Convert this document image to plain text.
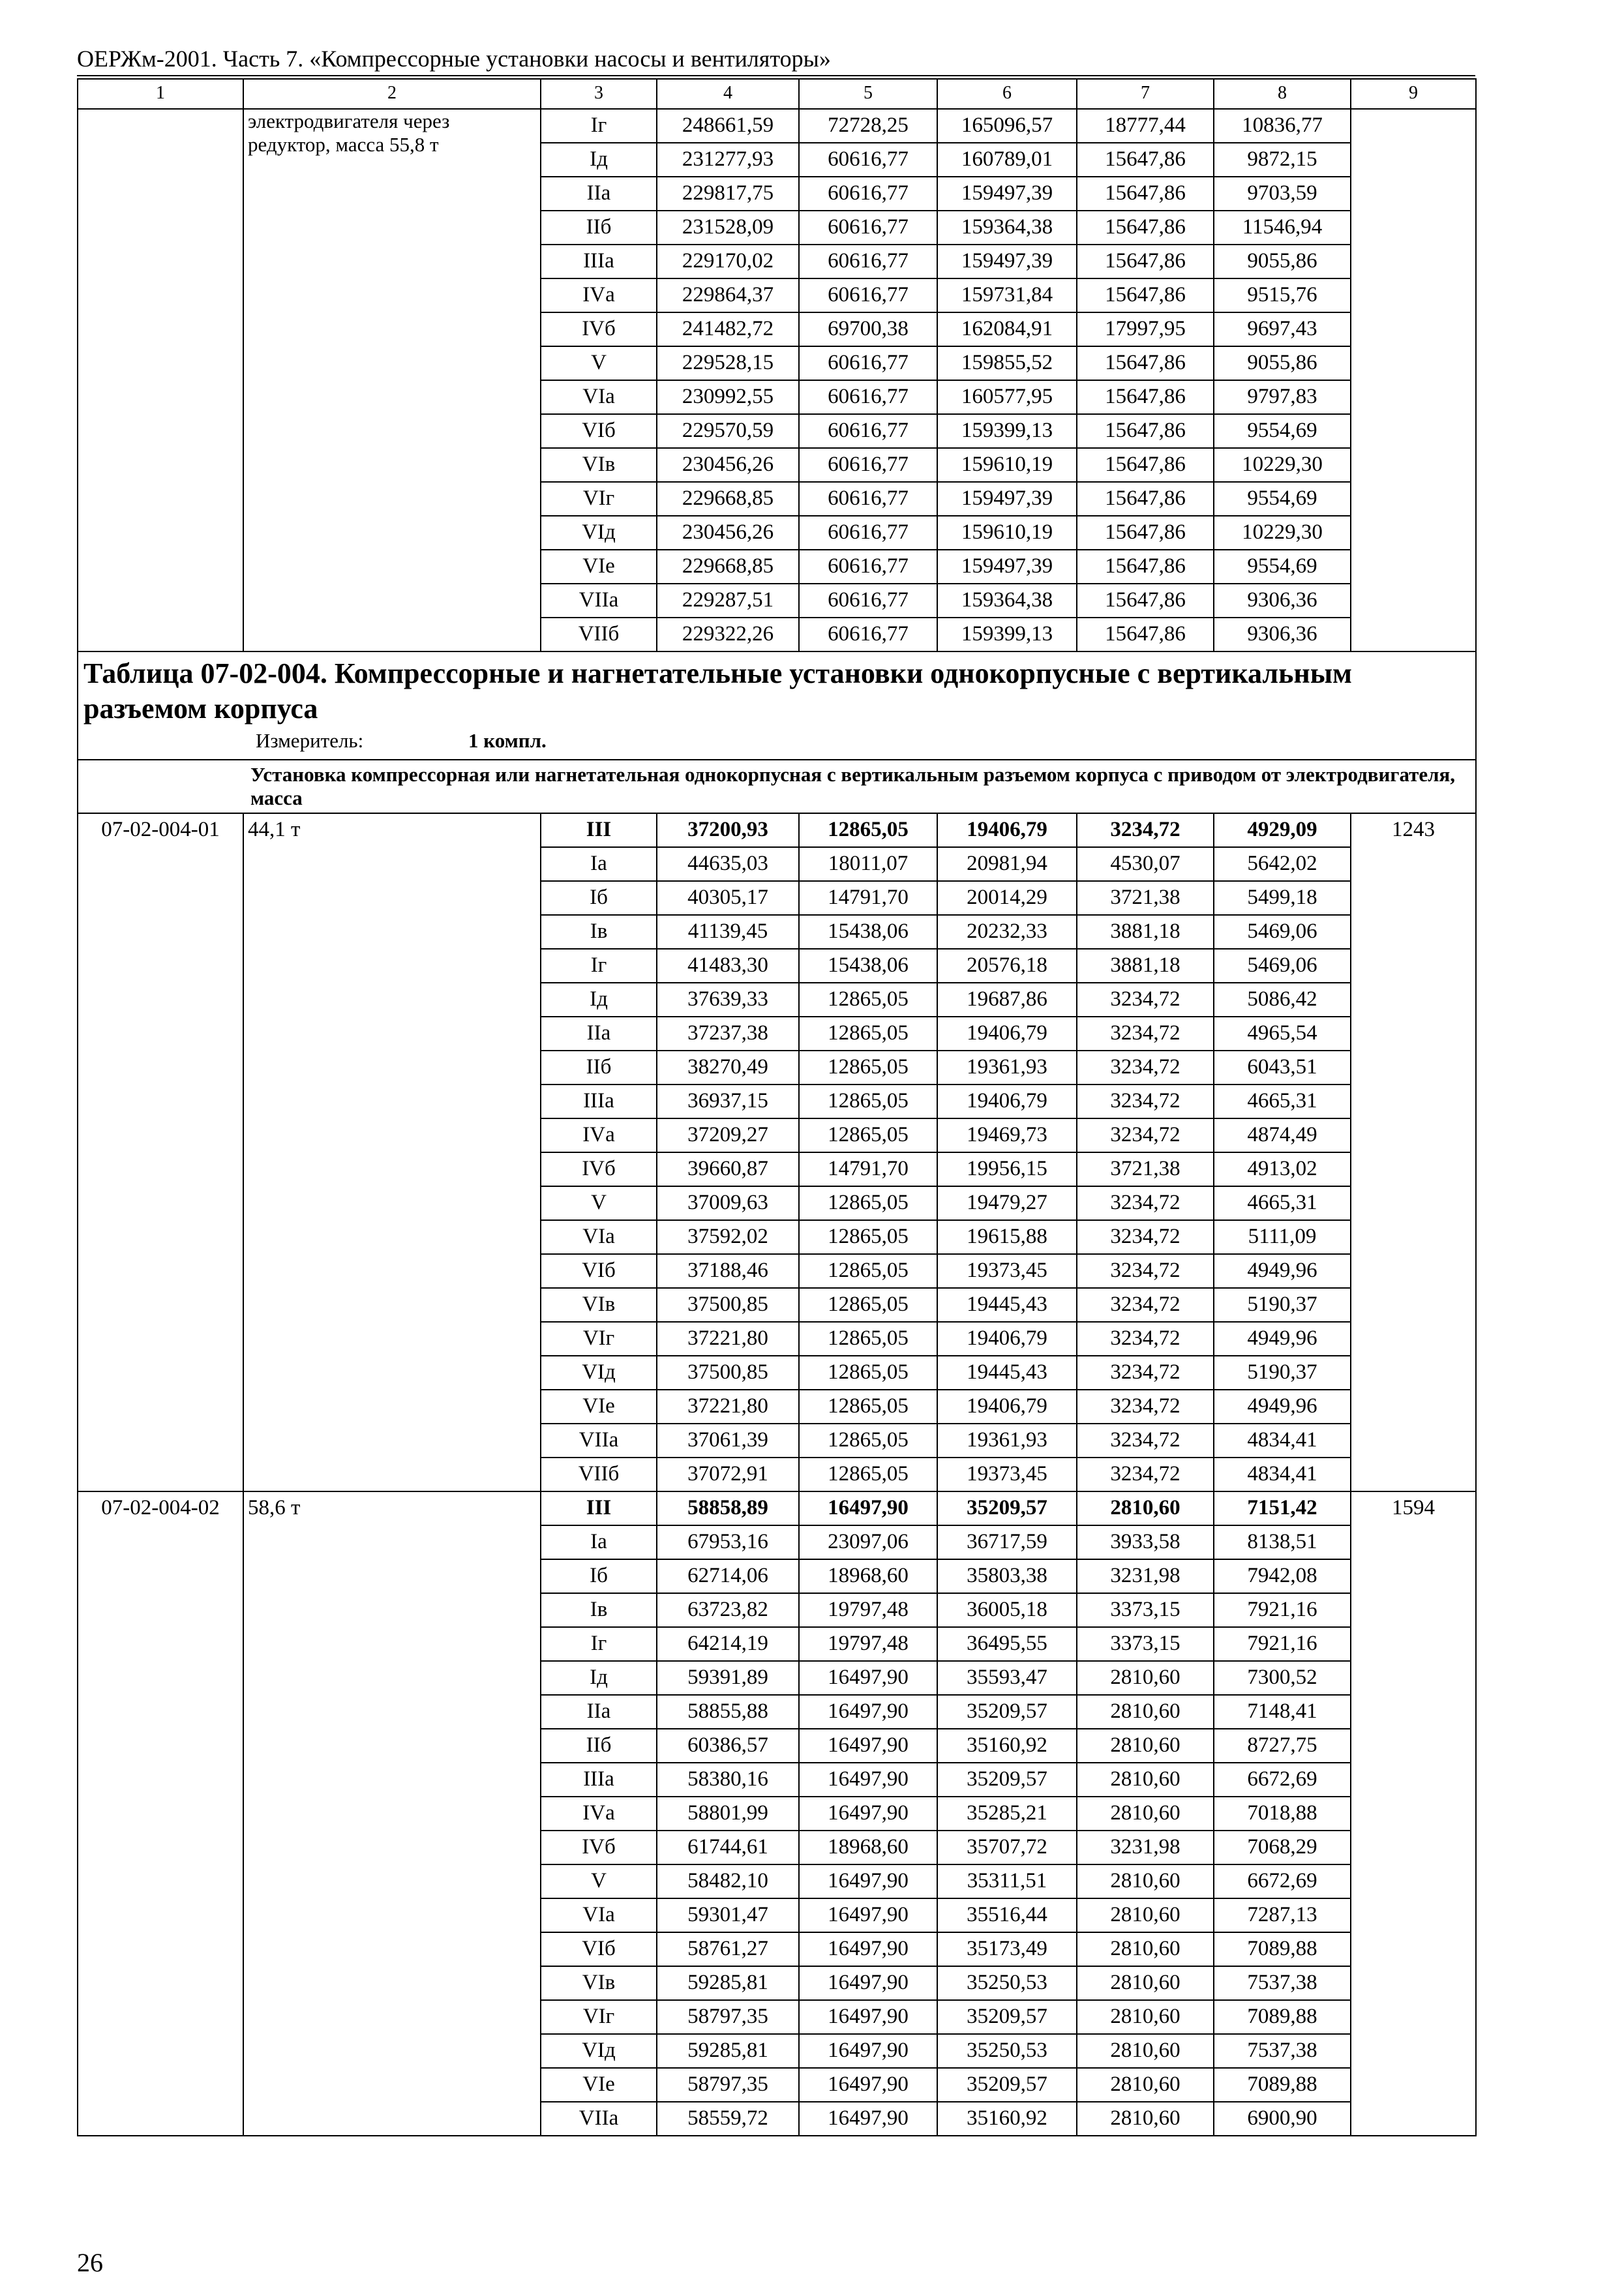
ОЕРЖм-2001. Часть 7. «Компрессорные установки насосы и вентиляторы»
1	2	3	4	5	6	7	8	9
	электродвигателя через редуктор, масса 55,8 т	Iг	248661,59	72728,25	165096,57	18777,44	10836,77	
		Iд	231277,93	60616,77	160789,01	15647,86	9872,15	
		IIа	229817,75	60616,77	159497,39	15647,86	9703,59	
		IIб	231528,09	60616,77	159364,38	15647,86	11546,94	
		IIIа	229170,02	60616,77	159497,39	15647,86	9055,86	
		IVа	229864,37	60616,77	159731,84	15647,86	9515,76	
		IVб	241482,72	69700,38	162084,91	17997,95	9697,43	
		V	229528,15	60616,77	159855,52	15647,86	9055,86	
		VIа	230992,55	60616,77	160577,95	15647,86	9797,83	
		VIб	229570,59	60616,77	159399,13	15647,86	9554,69	
		VIв	230456,26	60616,77	159610,19	15647,86	10229,30	
		VIг	229668,85	60616,77	159497,39	15647,86	9554,69	
		VIд	230456,26	60616,77	159610,19	15647,86	10229,30	
		VIе	229668,85	60616,77	159497,39	15647,86	9554,69	
		VIIа	229287,51	60616,77	159364,38	15647,86	9306,36	
		VIIб	229322,26	60616,77	159399,13	15647,86	9306,36	

Таблица 07-02-004. Компрессорные и нагнетательные установки однокорпусные с вертикальным разъемом корпуса
Измеритель: 1 компл.								

Установка компрессорная или нагнетательная однокорпусная с вертикальным разъемом корпуса с приводом от электродвигателя, масса								
07-02-004-01	44,1 т	III	37200,93	12865,05	19406,79	3234,72	4929,09	1243
		Iа	44635,03	18011,07	20981,94	4530,07	5642,02	
		Iб	40305,17	14791,70	20014,29	3721,38	5499,18	
		Iв	41139,45	15438,06	20232,33	3881,18	5469,06	
		Iг	41483,30	15438,06	20576,18	3881,18	5469,06	
		Iд	37639,33	12865,05	19687,86	3234,72	5086,42	
		IIа	37237,38	12865,05	19406,79	3234,72	4965,54	
		IIб	38270,49	12865,05	19361,93	3234,72	6043,51	
		IIIа	36937,15	12865,05	19406,79	3234,72	4665,31	
		IVа	37209,27	12865,05	19469,73	3234,72	4874,49	
		IVб	39660,87	14791,70	19956,15	3721,38	4913,02	
		V	37009,63	12865,05	19479,27	3234,72	4665,31	
		VIа	37592,02	12865,05	19615,88	3234,72	5111,09	
		VIб	37188,46	12865,05	19373,45	3234,72	4949,96	
		VIв	37500,85	12865,05	19445,43	3234,72	5190,37	
		VIг	37221,80	12865,05	19406,79	3234,72	4949,96	
		VIд	37500,85	12865,05	19445,43	3234,72	5190,37	
		VIе	37221,80	12865,05	19406,79	3234,72	4949,96	
		VIIа	37061,39	12865,05	19361,93	3234,72	4834,41	
		VIIб	37072,91	12865,05	19373,45	3234,72	4834,41	
07-02-004-02	58,6 т	III	58858,89	16497,90	35209,57	2810,60	7151,42	1594
		Iа	67953,16	23097,06	36717,59	3933,58	8138,51	
		Iб	62714,06	18968,60	35803,38	3231,98	7942,08	
		Iв	63723,82	19797,48	36005,18	3373,15	7921,16	
		Iг	64214,19	19797,48	36495,55	3373,15	7921,16	
		Iд	59391,89	16497,90	35593,47	2810,60	7300,52	
		IIа	58855,88	16497,90	35209,57	2810,60	7148,41	
		IIб	60386,57	16497,90	35160,92	2810,60	8727,75	
		IIIа	58380,16	16497,90	35209,57	2810,60	6672,69	
		IVа	58801,99	16497,90	35285,21	2810,60	7018,88	
		IVб	61744,61	18968,60	35707,72	3231,98	7068,29	
		V	58482,10	16497,90	35311,51	2810,60	6672,69	
		VIа	59301,47	16497,90	35516,44	2810,60	7287,13	
		VIб	58761,27	16497,90	35173,49	2810,60	7089,88	
		VIв	59285,81	16497,90	35250,53	2810,60	7537,38	
		VIг	58797,35	16497,90	35209,57	2810,60	7089,88	
		VIд	59285,81	16497,90	35250,53	2810,60	7537,38	
		VIе	58797,35	16497,90	35209,57	2810,60	7089,88	
		VIIа	58559,72	16497,90	35160,92	2810,60	6900,90	
26
